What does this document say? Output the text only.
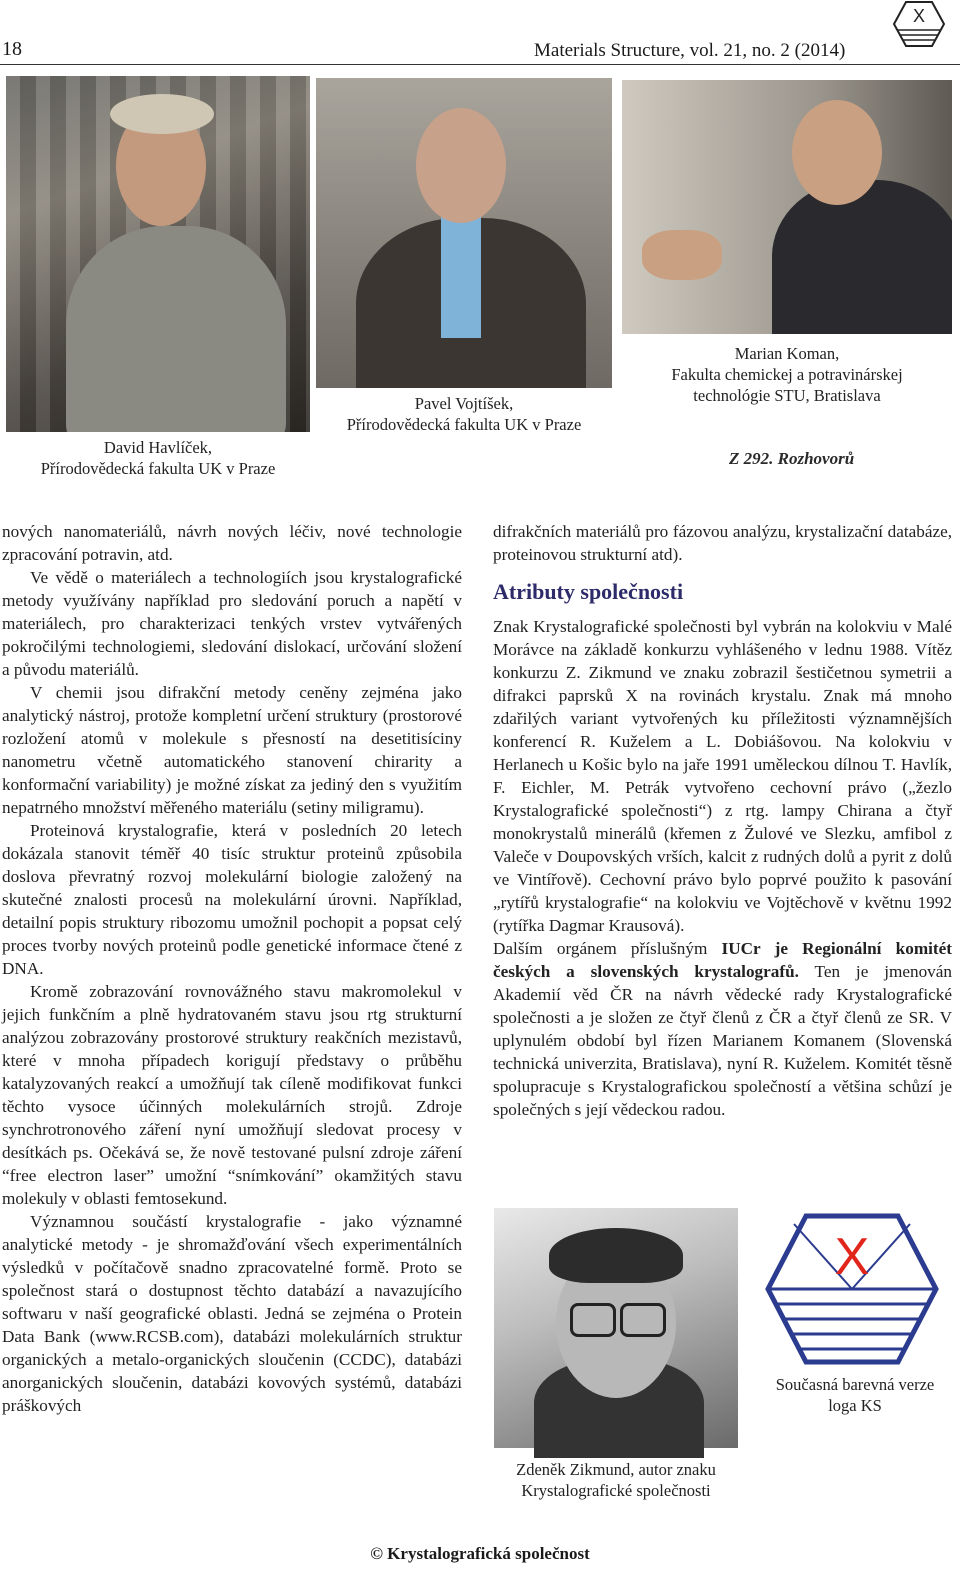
18	Materials Structure, vol. 21, no. 2 (2014)
X
David Havlíček,
Přírodovědecká fakulta UK v Praze
Pavel Vojtíšek,
Přírodovědecká fakulta UK v Praze
Marian Koman,
Fakulta chemickej a potravinárskej
technológie STU, Bratislava
Z 292. Rozhovorů

nových nanomateriálů, návrh nových léčiv, nové technologie zpracování potravin, atd.

Ve vědě o materiálech a technologiích jsou krystalografické metody využívány například pro sledování poruch a napětí v materiálech, pro charakterizaci tenkých vrstev vytvářených pokročilými technologiemi, sledování dislokací, určování složení a původu materiálů.

V chemii jsou difrakční metody ceněny zejména jako analytický nástroj, protože kompletní určení struktury (prostorové rozložení atomů v molekule s přesností na desetitisíciny nanometru včetně automatického stanovení chirarity a konformační variability) je možné získat za jediný den s využitím nepatrného množství měřeného materiálu (setiny miligramu).

Proteinová krystalografie, která v posledních 20 letech dokázala stanovit téměř 40 tisíc struktur proteinů způsobila doslova převratný rozvoj molekulární biologie založený na skutečné znalosti procesů na molekulární úrovni. Například, detailní popis struktury ribozomu umožnil pochopit a popsat celý proces tvorby nových proteinů podle genetické informace čtené z DNA.

Kromě zobrazování rovnovážného stavu makromolekul v jejich funkčním a plně hydratovaném stavu jsou rtg strukturní analýzou zobrazovány prostorové struktury reakčních mezistavů, které v mnoha případech korigují představy o průběhu katalyzovaných reakcí a umožňují tak cíleně modifikovat funkci těchto vysoce účinných molekulárních strojů. Zdroje synchrotronového záření nyní umožňují sledovat procesy v desítkách ps. Očekává se, že nově testované pulsní zdroje záření “free electron laser” umožní “snímkování” okamžitých stavu molekuly v oblasti femtosekund.

Významnou součástí krystalografie - jako významné analytické metody - je shromažďování všech experimentálních výsledků v počítačově snadno zpracovatelné formě. Proto se společnost stará o dostupnost těchto databází a navazujícího softwaru v naší geografické oblasti. Jedná se zejména o Protein Data Bank (www.RCSB.com), databázi molekulárních struktur organických a metalo-organických sloučenin (CCDC), databázi anorganických sloučenin, databázi kovových systémů, databázi práškových

difrakčních materiálů pro fázovou analýzu, krystalizační databáze, proteinovou strukturní atd).

Atributy společnosti

Znak Krystalografické společnosti byl vybrán na kolokviu v Malé Morávce na základě konkurzu vyhlášeného v lednu 1988. Vítěz konkurzu Z. Zikmund ve znaku zobrazil šestičetnou symetrii a difrakci paprsků X na rovinách krystalu. Znak má mnoho zdařilých variant vytvořených ku příležitosti významnějších konferencí R. Kuželem a L. Dobiášovou. Na kolokviu v Herlanech u Košic bylo na jaře 1991 uměleckou dílnou T. Havlík, F. Eichler, M. Petrák vytvořeno cechovní právo („žezlo Krystalografické společnosti“) z rtg. lampy Chirana a čtyř monokrystalů minerálů (křemen z Žulové ve Slezku, amfibol z Valeče v Doupovských vrších, kalcit z rudných dolů a pyrit z dolů ve Vintířově). Cechovní právo bylo poprvé použito k pasování „rytířů krystalografie“ na kolokviu ve Vojtěchově v květnu 1992 (rytířka Dagmar Krausová).

Dalším orgánem příslušným IUCr je Regionální komitét českých a slovenských krystalografů. Ten je jmenován Akademií věd ČR na návrh vědecké rady Krystalografické společnosti a je složen ze čtyř členů z ČR a čtyř členů ze SR. V uplynulém období byl řízen Marianem Komanem (Slovenská technická univerzita, Bratislava), nyní R. Kuželem. Komitét těsně spolupracuje s Krystalografickou společností a většina schůzí je společných s její vědeckou radou.

Zdeněk Zikmund, autor znaku
Krystalografické společnosti
X
Současná barevná verze
loga KS
© Krystalografická společnost
